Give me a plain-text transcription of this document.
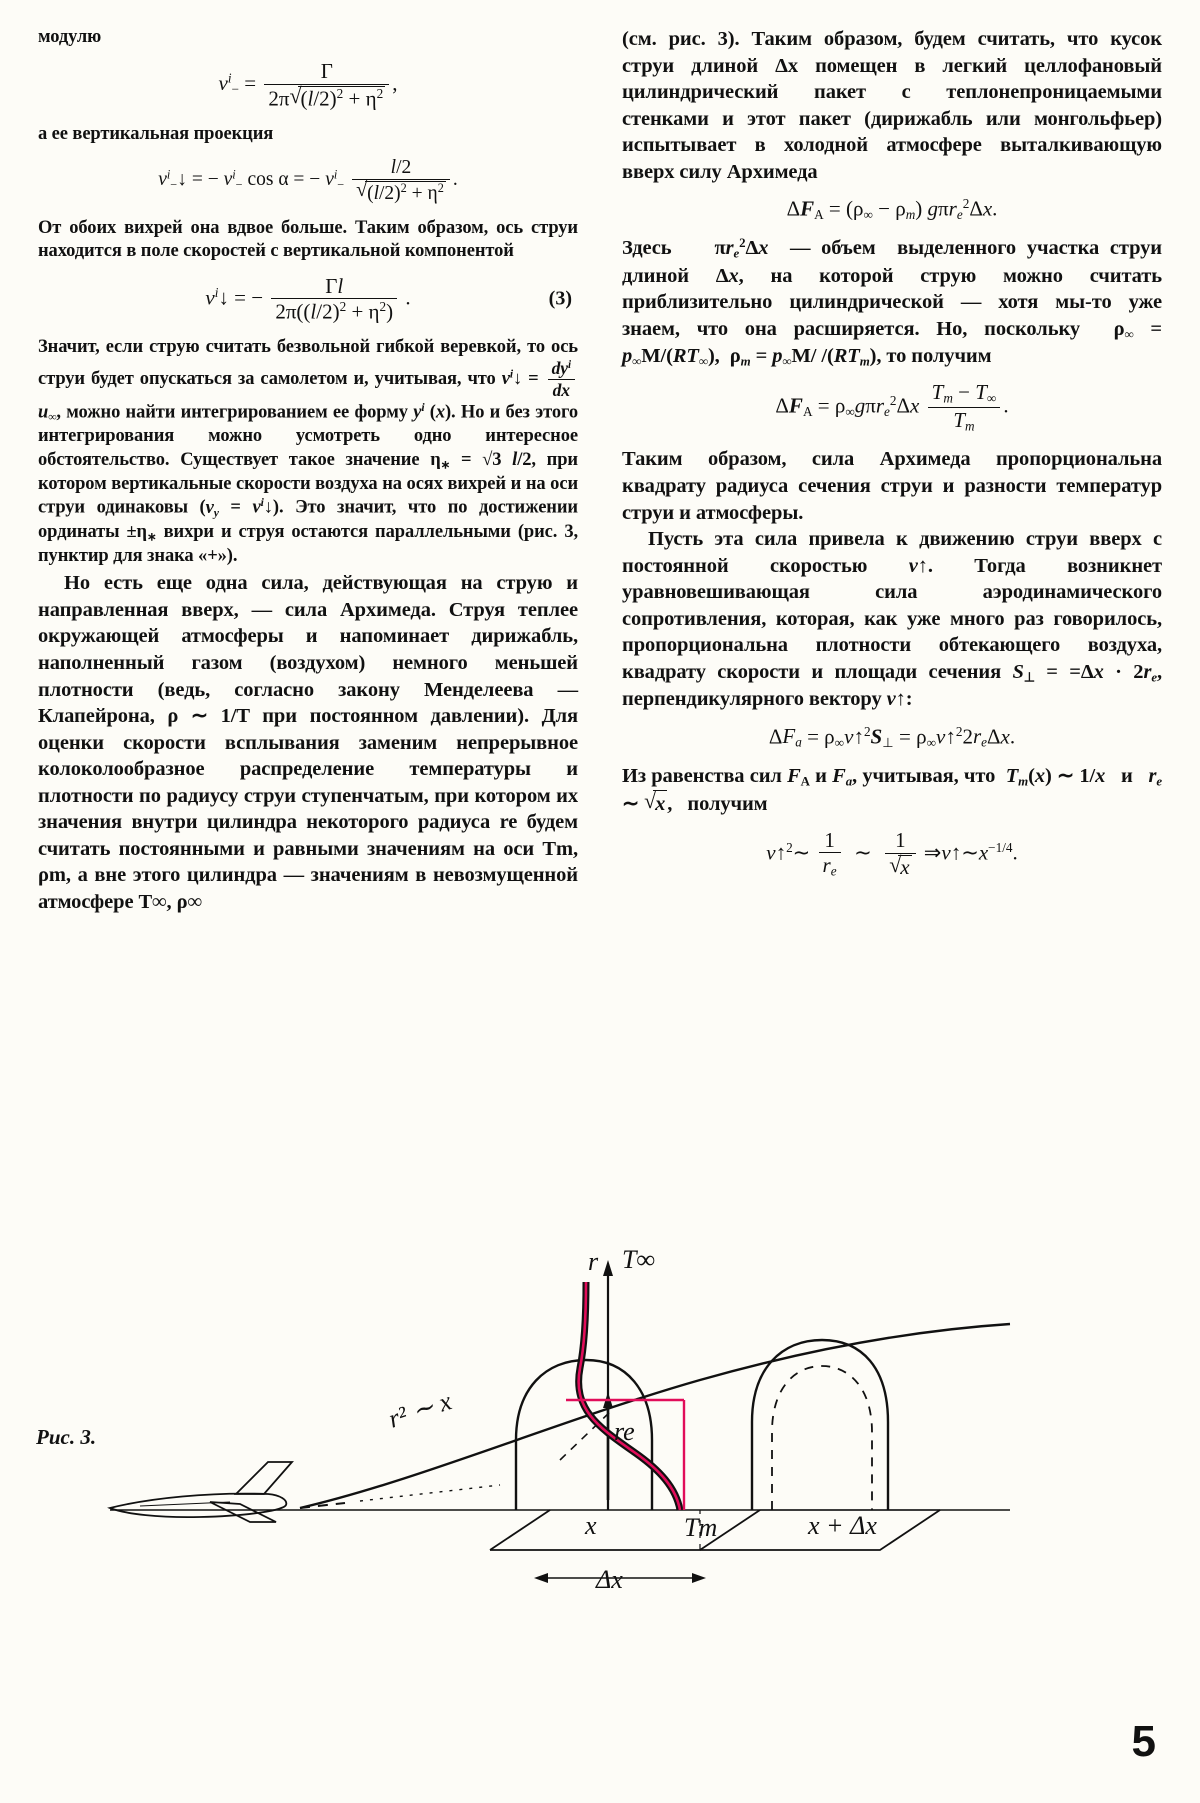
модулю

$v^i_- = \frac{\Gamma}{2\pi √ (l/2)^2 + \eta^2}$ ,

а ее вертикальная проекция

$v^i_-↓$ = − $v^i_-$ cos α = − $v^i_-$ l/2
√ $(l/2)^2 + \eta^2$ .

От обоих вихрей она вдвое больше. Таким образом, ось струи находится в поле скоростей с вертикальной компонентой

$v^i↓$ = − $\frac{\Gamma l}{2\pi((l/2)^2 + \eta^2)}$ .	(3)

Значит, если струю считать безвольной гибкой веревкой, то ось струи будет опускаться за самолетом и, учитывая, что $v^i↓ = \frac{dy^i}{dx}$
$u_\infty$, можно найти интегрированием ее форму $y^i$ (x). Но и без этого интегрирования можно усмотреть одно интересное обстоятельство. Существует такое значение $\eta_∗ = √3$ l/2, при котором вертикальные скорости воздуха на осях вихрей и на оси струи одинаковы ($v_y$ = $v^i↓$). Это значит, что по достижении ординаты $\pm\eta_∗$ вихри и струя остаются параллельными (рис. 3, пунктир для знака «+»).

Но есть еще одна сила, действующая на струю и направленная вверх, — сила Архимеда. Струя теплее окружающей атмосферы и напоминает дирижабль, наполненный газом (воздухом) немного меньшей плотности (ведь, согласно закону Менделеева — Клапейрона, ρ ∼ 1/T при постоянном давлении). Для оценки скорости всплывания заменим непрерывное колоколообразное распределение температуры и плотности по радиусу струи ступенчатым, при котором их значения внутри цилиндра некоторого радиуса re будем считать постоянными и равными значениям на оси Tm, ρm, а вне этого цилиндра — значениям в невозмущенной атмосфере T∞, ρ∞

(см. рис. 3). Таким образом, будем считать, что кусок струи длиной Δx помещен в легкий целлофановый цилиндрический пакет с теплонепроницаемыми стенками и этот пакет (дирижабль или монгольфьер) испытывает в холодной атмосфере выталкивающую вверх силу Архимеда

$\Delta F_A = (\rho_\infty - \rho_m)$ gπr$_e^2$Δx.

Здесь    $\pi r_e^2\Delta x$  — объем  выделенного участка струи длиной Δx, на которой струю можно считать приблизительно цилиндрической — хотя мы-то уже знаем, что она расширяется. Но, поскольку  $\rho_\infty = p_\infty М/(RT_\infty)$,  $\rho_m = p_\infty М/$ $/(RT_m)$, то получим

$\Delta F_A = \rho_\infty g\pi r_e^2\Delta x \frac{T_m - T_\infty}{T_m}$ .

Таким образом, сила Архимеда пропорциональна квадрату радиуса сечения струи и разности температур струи и атмосферы.

Пусть эта сила привела к движению струи вверх с постоянной скоростью v↑. Тогда возникнет уравновешивающая сила аэродинамического сопротивления, которая, как уже много раз говорилось, пропорциональна плотности обтекающего воздуха, квадрату скорости и площади сечения $S_\perp = =\Delta x \cdot 2r_e$, перпендикулярного вектору v↑:

$\Delta F_a$ = $\rho_\infty v↑^2S_\perp$ = $\rho_\infty v↑^22r_e\Delta x$.

Из равенства сил $F_A$ и $F_a$, учитывая, что  $T_m(x)$ ∼ 1/x   и   $r_e$ ∼ √ x,   получим

v↑$^2$∼ $\frac{1}{r_e}$ ∼ 1
√ x $\Rightarrow v↑\sim x^{-1/4}$.
r T∞
re
x	Tm	x + Δx
Δx
r² ∼ x
Рис. 3.
5
